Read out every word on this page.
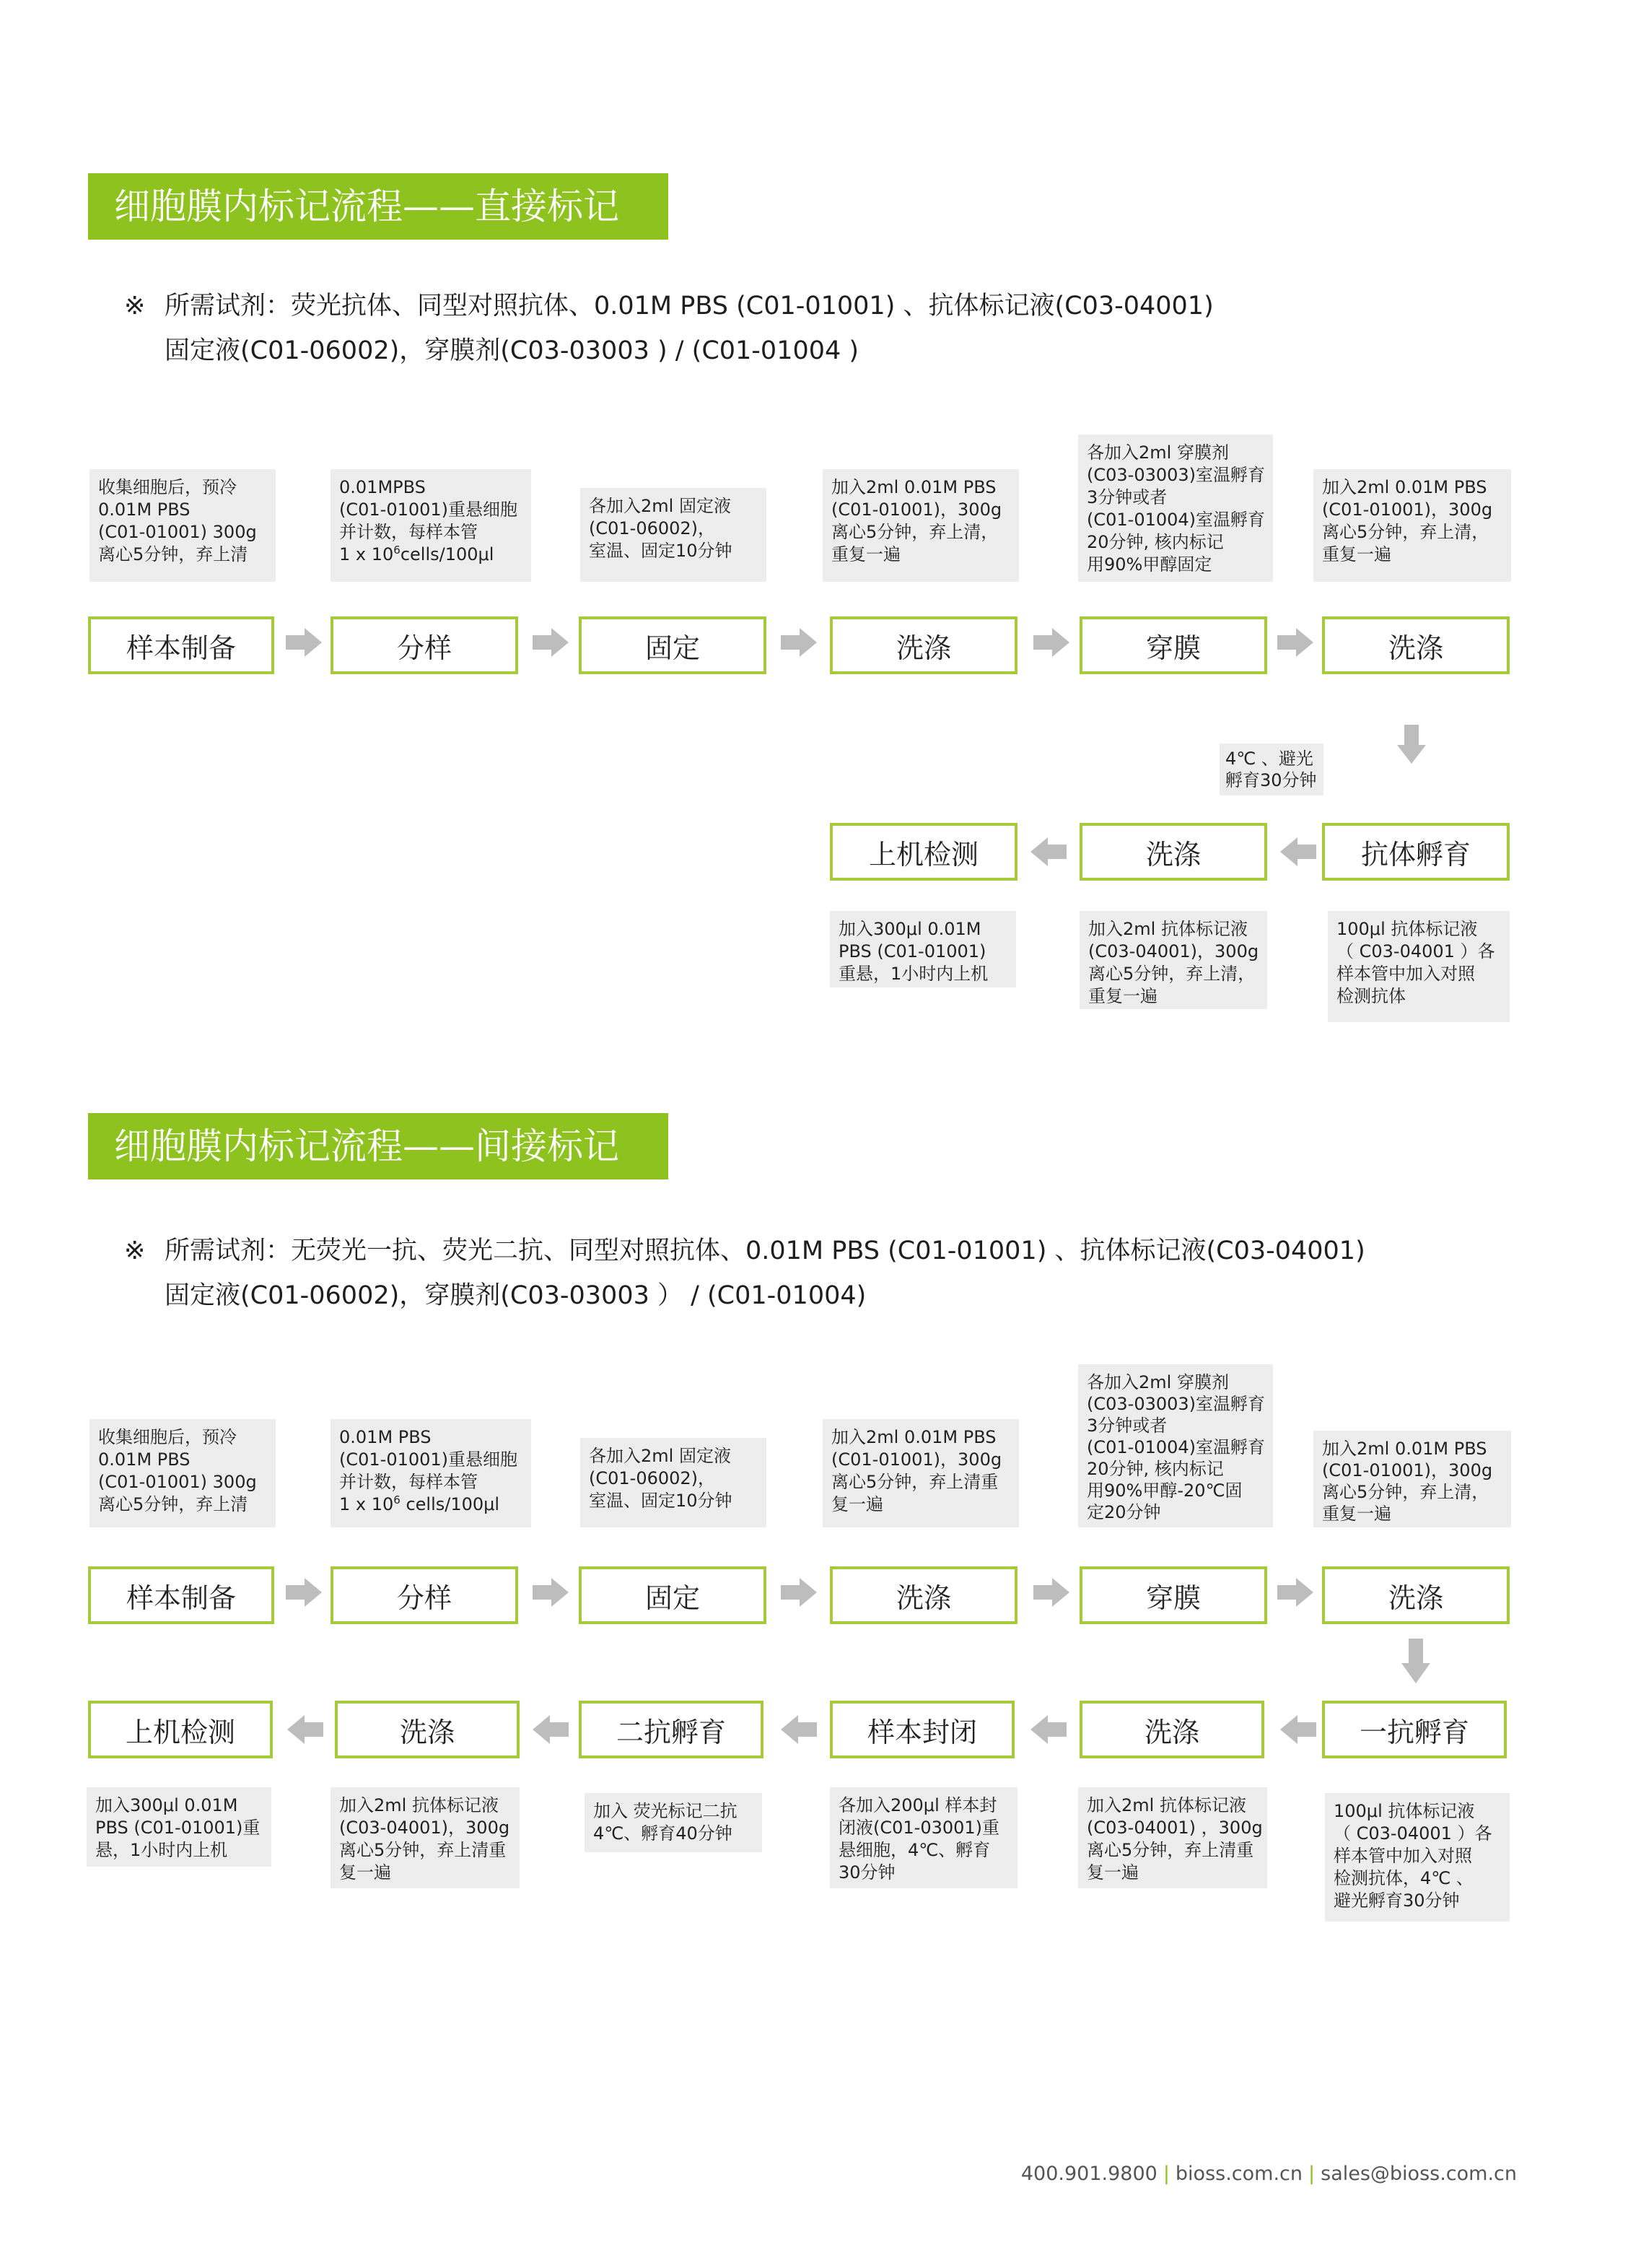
细胞膜内标记流程——直接标记
※ 所需试剂：荧光抗体、同型对照抗体、0.01M PBS (C01-01001) 、抗体标记液(C03-04001)
固定液(C01-06002)，穿膜剂(C03-03003 ) / (C01-01004 )
收集细胞后，预冷
0.01M PBS
(C01-01001) 300g
离心5分钟，弃上清
0.01MPBS
(C01-01001)重悬细胞
并计数，每样本管
1 x $10^6cells/100\mu l$
各加入2ml 固定液
(C01-06002)，
室温、固定10分钟
加入2ml 0.01M PBS
(C01-01001)，300g
离心5分钟，弃上清，
重复一遍
各加入2ml 穿膜剂
(C03-03003)室温孵育
3分钟或者
(C01-01004)室温孵育
20分钟, 核内标记
用90%甲醇固定
加入2ml 0.01M PBS
(C01-01001)，300g
离心5分钟，弃上清，
重复一遍
样本制备	分样	固定	洗涤	穿膜	洗涤
4℃ 、避光
孵育30分钟
上机检测	洗涤	抗体孵育
加入300μl 0.01M
PBS (C01-01001)
重悬，1小时内上机
加入2ml 抗体标记液
(C03-04001)，300g
离心5分钟，弃上清，
重复一遍
100μl 抗体标记液
（ C03-04001 ）各
样本管中加入对照
检测抗体
细胞膜内标记流程——间接标记
※ 所需试剂：无荧光一抗、荧光二抗、同型对照抗体、0.01M PBS (C01-01001) 、抗体标记液(C03-04001)
固定液(C01-06002)，穿膜剂(C03-03003 ） / (C01-01004)
收集细胞后，预冷
0.01M PBS
(C01-01001) 300g
离心5分钟，弃上清
0.01M PBS
(C01-01001)重悬细胞
并计数，每样本管
1 x $10^6$ cells/100μl
各加入2ml 固定液
(C01-06002)，
室温、固定10分钟
加入2ml 0.01M PBS
(C01-01001)，300g
离心5分钟，弃上清重
复一遍
各加入2ml 穿膜剂
(C03-03003)室温孵育
3分钟或者
(C01-01004)室温孵育
20分钟, 核内标记
用90%甲醇-20℃固
定20分钟
加入2ml 0.01M PBS
(C01-01001)，300g
离心5分钟，弃上清，
重复一遍
样本制备	分样	固定	洗涤	穿膜	洗涤
上机检测	洗涤	二抗孵育	样本封闭	洗涤	一抗孵育
加入300μl 0.01M
PBS (C01-01001)重
悬，1小时内上机
加入2ml 抗体标记液
(C03-04001)，300g
离心5分钟，弃上清重
复一遍
加入 荧光标记二抗
4℃、孵育40分钟
各加入200μl 样本封
闭液(C01-03001)重
悬细胞，4℃、孵育
30分钟
加入2ml 抗体标记液
(C03-04001) ，300g
离心5分钟，弃上清重
复一遍
100μl 抗体标记液
（ C03-04001 ）各
样本管中加入对照
检测抗体，4℃ 、
避光孵育30分钟
400.901.9800 | bioss.com.cn | sales@bioss.com.cn
